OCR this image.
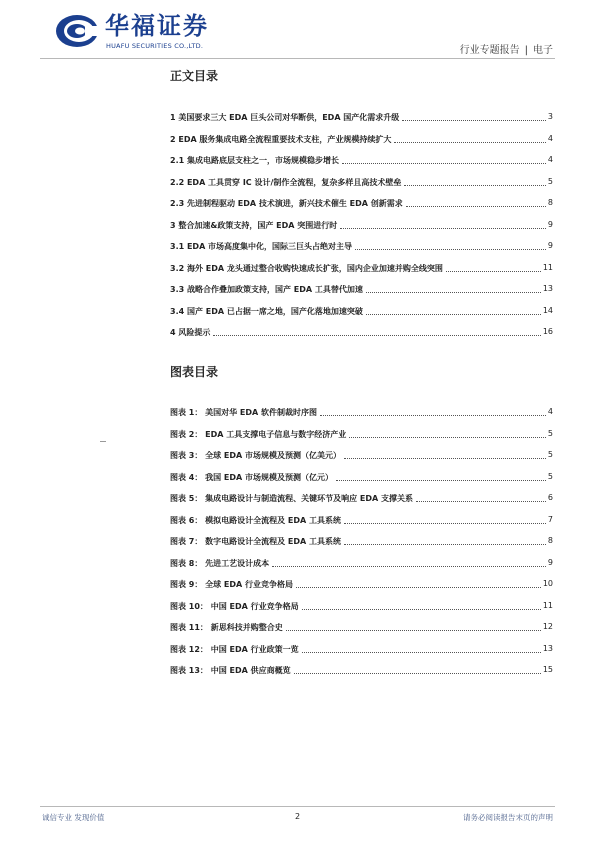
华福证券
HUAFU SECURITIES CO.,LTD.	行业专题报告 | 电子
正文目录
1 美国要求三大 EDA 巨头公司对华断供，EDA 国产化需求升级	3
2 EDA 服务集成电路全流程重要技术支柱，产业规模持续扩大	4
2.1 集成电路底层支柱之一，市场规模稳步增长	4
2.2 EDA 工具贯穿 IC 设计/制作全流程，复杂多样且高技术壁垒	5
2.3 先进制程驱动 EDA 技术演进，新兴技术催生 EDA 创新需求	8
3 整合加速&政策支持，国产 EDA 突围进行时	9
3.1 EDA 市场高度集中化，国际三巨头占绝对主导	9
3.2 海外 EDA 龙头通过整合收购快速成长扩张，国内企业加速并购全线突围	11
3.3 战略合作叠加政策支持，国产 EDA 工具替代加速	13
3.4 国产 EDA 已占据一席之地，国产化落地加速突破	14
4 风险提示	16
图表目录
图表 1： 美国对华 EDA 软件制裁时序图	4
图表 2： EDA 工具支撑电子信息与数字经济产业	5
图表 3： 全球 EDA 市场规模及预测（亿美元）	5
图表 4： 我国 EDA 市场规模及预测（亿元）	5
图表 5： 集成电路设计与制造流程、关键环节及响应 EDA 支撑关系	6
图表 6： 模拟电路设计全流程及 EDA 工具系统	7
图表 7： 数字电路设计全流程及 EDA 工具系统	8
图表 8： 先进工艺设计成本	9
图表 9： 全球 EDA 行业竞争格局	10
图表 10： 中国 EDA 行业竞争格局	11
图表 11： 新思科技并购整合史	12
图表 12： 中国 EDA 行业政策一览	13
图表 13： 中国 EDA 供应商概览	15
诚信专业 发现价值	2	请务必阅读报告末页的声明
